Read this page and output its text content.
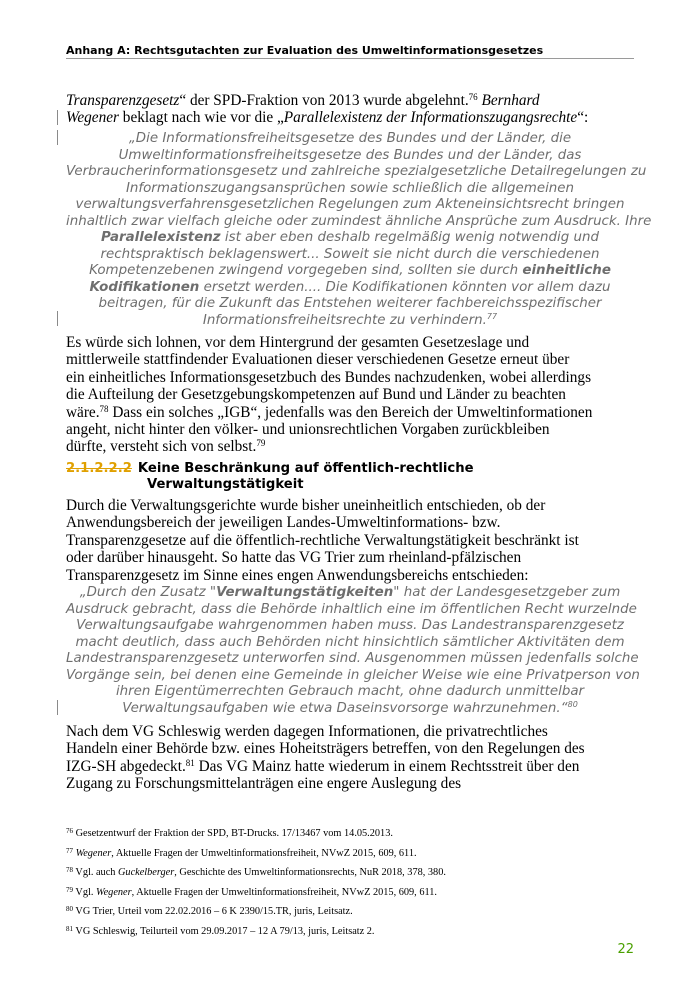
Anhang A: Rechtsgutachten zur Evaluation des Umweltinformationsgesetzes
Transparenzgesetz“ der SPD-Fraktion von 2013 wurde abgelehnt.$^{76}$ Bernhard
Wegener beklagt nach wie vor die „Parallelexistenz der Informationszugangsrechte“:
„Die Informationsfreiheitsgesetze des Bundes und der Länder, die
Umweltinformationsfreiheitsgesetze des Bundes und der Länder, das
Verbraucherinformationsgesetz und zahlreiche spezialgesetzliche Detailregelungen zu
Informationszugangsansprüchen sowie schließlich die allgemeinen
verwaltungsverfahrensgesetzlichen Regelungen zum Akteneinsichtsrecht bringen
inhaltlich zwar vielfach gleiche oder zumindest ähnliche Ansprüche zum Ausdruck. Ihre
Parallelexistenz ist aber eben deshalb regelmäßig wenig notwendig und
rechtspraktisch beklagenswert... Soweit sie nicht durch die verschiedenen
Kompetenzebenen zwingend vorgegeben sind, sollten sie durch einheitliche
Kodifikationen ersetzt werden.... Die Kodifikationen könnten vor allem dazu
beitragen, für die Zukunft das Entstehen weiterer fachbereichsspezifischer
Informationsfreiheitsrechte zu verhindern.$^{77}$
Es würde sich lohnen, vor dem Hintergrund der gesamten Gesetzeslage und
mittlerweile stattfindender Evaluationen dieser verschiedenen Gesetze erneut über
ein einheitliches Informationsgesetzbuch des Bundes nachzudenken, wobei allerdings
die Aufteilung der Gesetzgebungskompetenzen auf Bund und Länder zu beachten
wäre.$^{78}$ Dass ein solches „IGB“, jedenfalls was den Bereich der Umweltinformationen
angeht, nicht hinter den völker- und unionsrechtlichen Vorgaben zurückbleiben
dürfte, versteht sich von selbst.$^{79}$
2.1.2.2.2 Keine Beschränkung auf öffentlich-rechtliche
Verwaltungstätigkeit
Durch die Verwaltungsgerichte wurde bisher uneinheitlich entschieden, ob der
Anwendungsbereich der jeweiligen Landes-Umweltinformations- bzw.
Transparenzgesetze auf die öffentlich-rechtliche Verwaltungstätigkeit beschränkt ist
oder darüber hinausgeht. So hatte das VG Trier zum rheinland-pfälzischen
Transparenzgesetz im Sinne eines engen Anwendungsbereichs entschieden:
„Durch den Zusatz "Verwaltungstätigkeiten" hat der Landesgesetzgeber zum
Ausdruck gebracht, dass die Behörde inhaltlich eine im öffentlichen Recht wurzelnde
Verwaltungsaufgabe wahrgenommen haben muss. Das Landestransparenzgesetz
macht deutlich, dass auch Behörden nicht hinsichtlich sämtlicher Aktivitäten dem
Landestransparenzgesetz unterworfen sind. Ausgenommen müssen jedenfalls solche
Vorgänge sein, bei denen eine Gemeinde in gleicher Weise wie eine Privatperson von
ihren Eigentümerrechten Gebrauch macht, ohne dadurch unmittelbar
Verwaltungsaufgaben wie etwa Daseinsvorsorge wahrzunehmen.“$^{80}$
Nach dem VG Schleswig werden dagegen Informationen, die privatrechtliches
Handeln einer Behörde bzw. eines Hoheitsträgers betreffen, von den Regelungen des
IZG-SH abgedeckt.$^{81}$ Das VG Mainz hatte wiederum in einem Rechtsstreit über den
Zugang zu Forschungsmittelanträgen eine engere Auslegung des
$^{76}$ Gesetzentwurf der Fraktion der SPD, BT-Drucks. 17/13467 vom 14.05.2013.
$^{77}$ Wegener, Aktuelle Fragen der Umweltinformationsfreiheit, NVwZ 2015, 609, 611.
$^{78}$ Vgl. auch Guckelberger, Geschichte des Umweltinformationsrechts, NuR 2018, 378, 380.
$^{79}$ Vgl. Wegener, Aktuelle Fragen der Umweltinformationsfreiheit, NVwZ 2015, 609, 611.
$^{80}$ VG Trier, Urteil vom 22.02.2016 – 6 K 2390/15.TR, juris, Leitsatz.
$^{81}$ VG Schleswig, Teilurteil vom 29.09.2017 – 12 A 79/13, juris, Leitsatz 2.
22
